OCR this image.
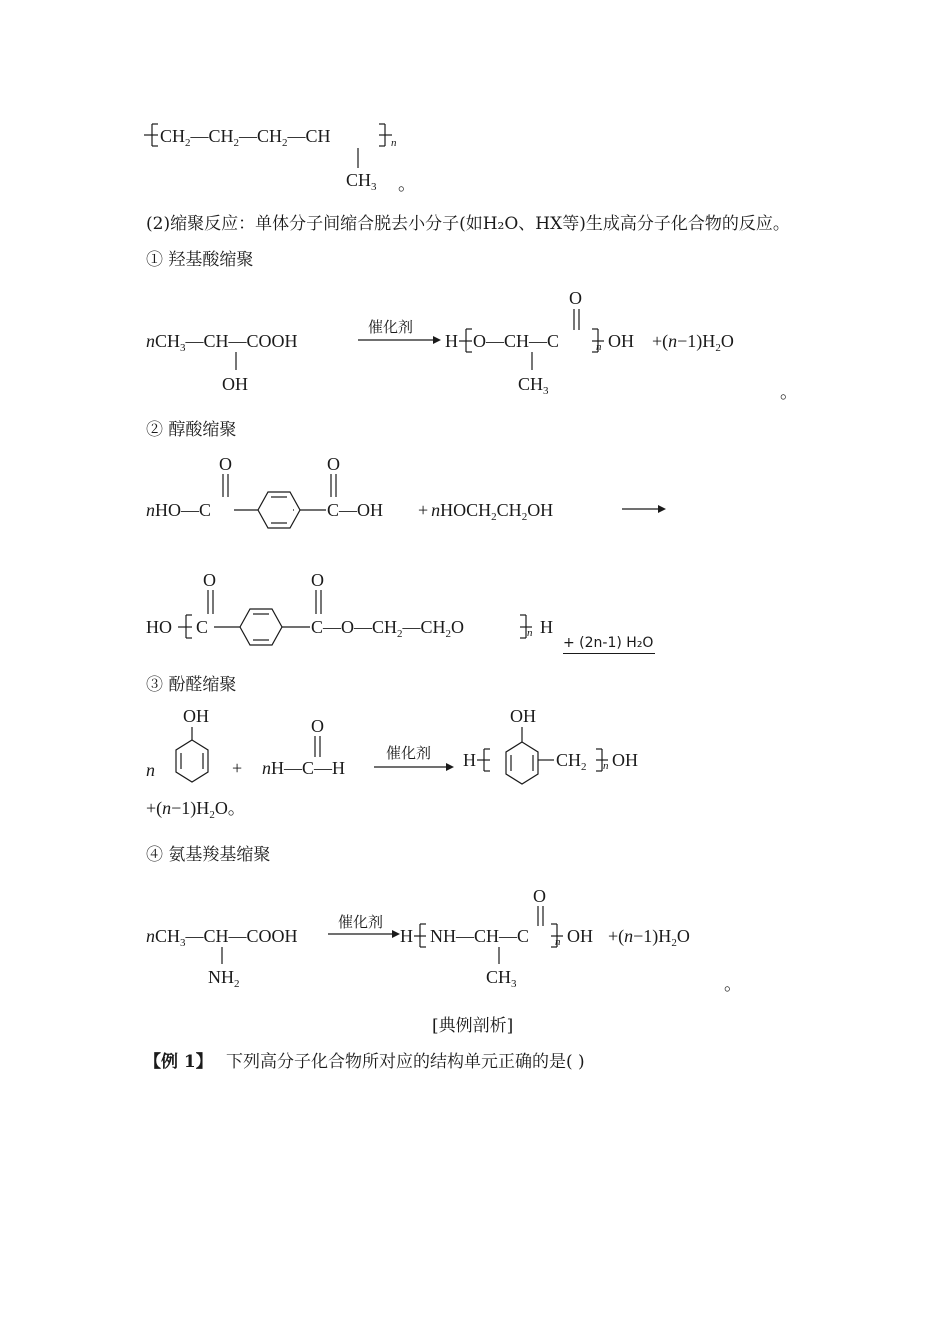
$CH_2—CH_2—CH_2—CH$	n
$CH_3$ 。
(2)缩聚反应：单体分子间缩合脱去小分子(如H₂O、HX等)生成高分子化合物的反应。
① 羟基酸缩聚
nCH$_3$—CH—COOH
OH
催化剂
H O—CH—C	n OH
O
$CH_3$
$+(n-1)H_2O$
。
② 醇酸缩聚
nHO—C
O
C—OH
O
+ $nHOCH_2CH_2OH$
HO C
O
$C—O—CH_2—CH_2O$
O
n H
+ (2n-1) H₂O
③ 酚醛缩聚
OH
n	+ nH—C—H
O
催化剂 H
OH
$CH_2$ n OH
$+(n-1)H_2O$。
④ 氨基羧基缩聚
nCH$_3$—CH—COOH
$NH_2$
催化剂
H NH—CH—C n OH
O
$CH_3$
$+(n-1)H_2O$
。
[典例剖析]
【例 1】 下列高分子化合物所对应的结构单元正确的是( )
